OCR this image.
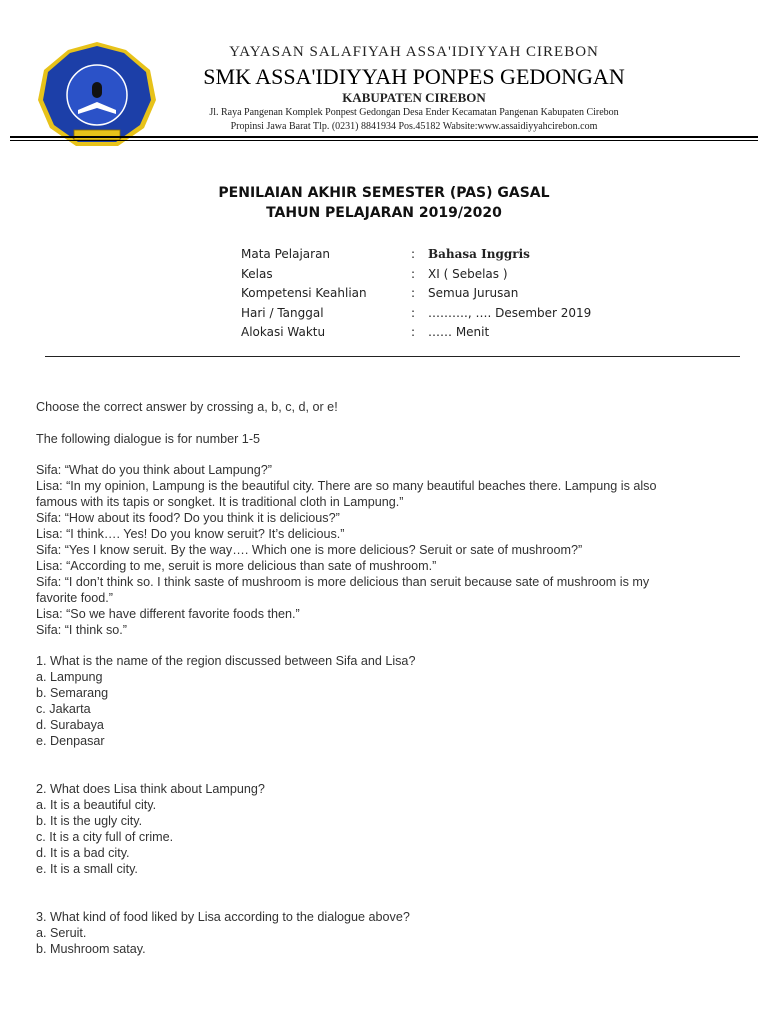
YAYASAN SALAFIYAH ASSA'IDIYYAH CIREBON
SMK ASSA'IDIYYAH PONPES GEDONGAN
KABUPATEN CIREBON
Jl. Raya Pangenan Komplek Ponpest Gedongan Desa Ender Kecamatan Pangenan Kabupaten Cirebon
Propinsi Jawa Barat Tlp. (0231) 8841934 Pos.45182 Wabsite:www.assaidiyyahcirebon.com
PENILAIAN AKHIR SEMESTER (PAS) GASAL
TAHUN PELAJARAN 2019/2020
Mata Pelajaran	: Bahasa Inggris
Kelas	: XI ( Sebelas )
Kompetensi Keahlian	: Semua Jurusan
Hari / Tanggal	: ………., …. Desember 2019
Alokasi Waktu	: …… Menit
Choose the correct answer by crossing a, b, c, d, or e!
The following dialogue is for number 1-5
Sifa: “What do you think about Lampung?”
Lisa: “In my opinion, Lampung is the beautiful city. There are so many beautiful beaches there. Lampung is also
famous with its tapis or songket. It is traditional cloth in Lampung.”
Sifa: “How about its food? Do you think it is delicious?”
Lisa: “I think…. Yes! Do you know seruit? It’s delicious.”
Sifa: “Yes I know seruit. By the way…. Which one is more delicious? Seruit or sate of mushroom?”
Lisa: “According to me, seruit is more delicious than sate of mushroom.”
Sifa: “I don’t think so. I think saste of mushroom is more delicious than seruit because sate of mushroom is my
favorite food.”
Lisa: “So we have different favorite foods then.”
Sifa: “I think so.”
1. What is the name of the region discussed between Sifa and Lisa?
a. Lampung
b. Semarang
c. Jakarta
d. Surabaya
e. Denpasar
2. What does Lisa think about Lampung?
a. It is a beautiful city.
b. It is the ugly city.
c. It is a city full of crime.
d. It is a bad city.
e. It is a small city.
3. What kind of food liked by Lisa according to the dialogue above?
a. Seruit.
b. Mushroom satay.
